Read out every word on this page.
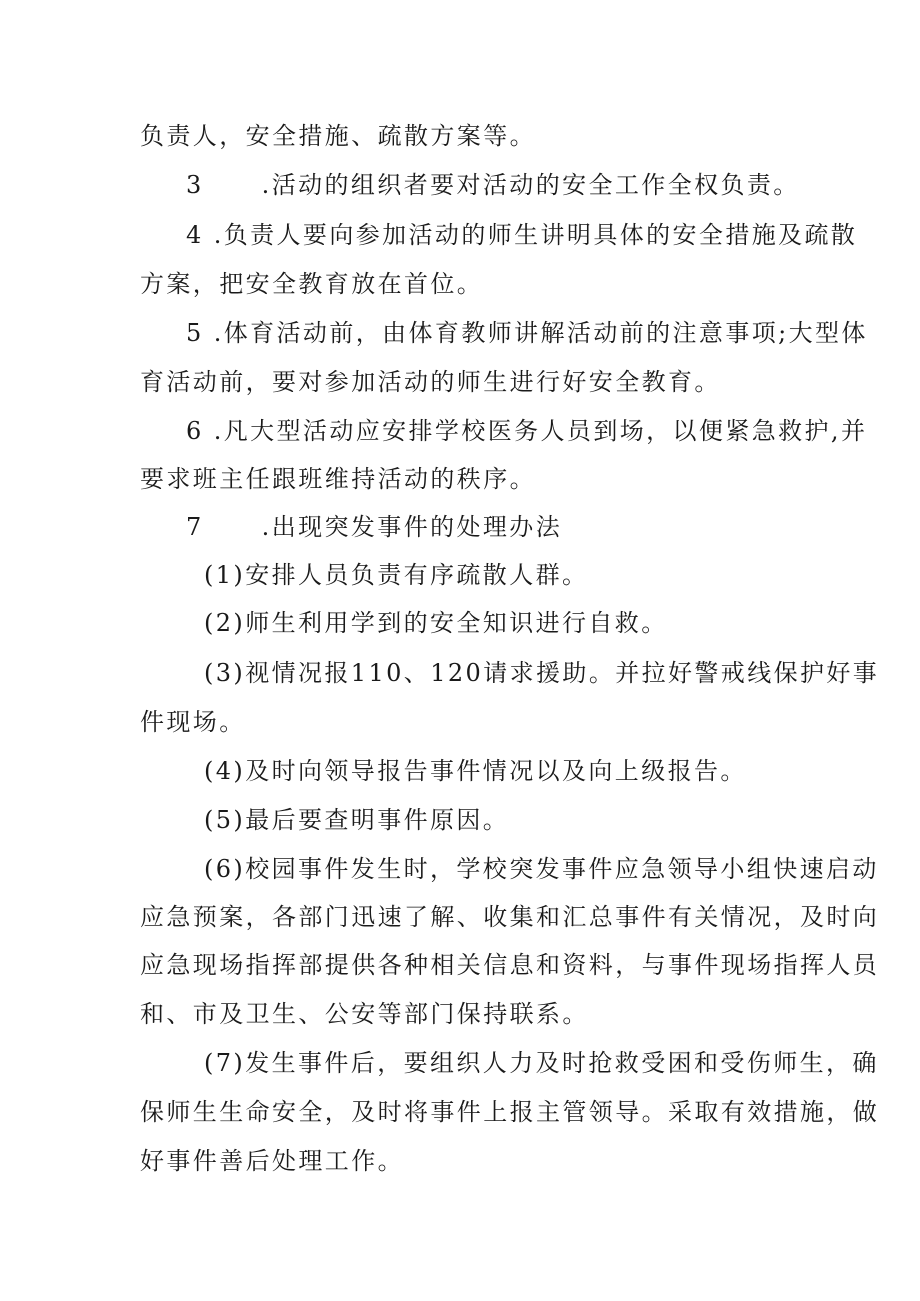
负责人，安全措施、疏散方案等。
3 .活动的组织者要对活动的安全工作全权负责。
4 .负责人要向参加活动的师生讲明具体的安全措施及疏散
方案，把安全教育放在首位。
5 .体育活动前，由体育教师讲解活动前的注意事项;大型体
育活动前，要对参加活动的师生进行好安全教育。
6 .凡大型活动应安排学校医务人员到场，以便紧急救护,并
要求班主任跟班维持活动的秩序。
7 .出现突发事件的处理办法
(1)安排人员负责有序疏散人群。
(2)师生利用学到的安全知识进行自救。
(3)视情况报110、120请求援助。并拉好警戒线保护好事
件现场。
(4)及时向领导报告事件情况以及向上级报告。
(5)最后要查明事件原因。
(6)校园事件发生时，学校突发事件应急领导小组快速启动
应急预案，各部门迅速了解、收集和汇总事件有关情况，及时向
应急现场指挥部提供各种相关信息和资料，与事件现场指挥人员
和、市及卫生、公安等部门保持联系。
(7)发生事件后，要组织人力及时抢救受困和受伤师生，确
保师生生命安全，及时将事件上报主管领导。采取有效措施，做
好事件善后处理工作。
